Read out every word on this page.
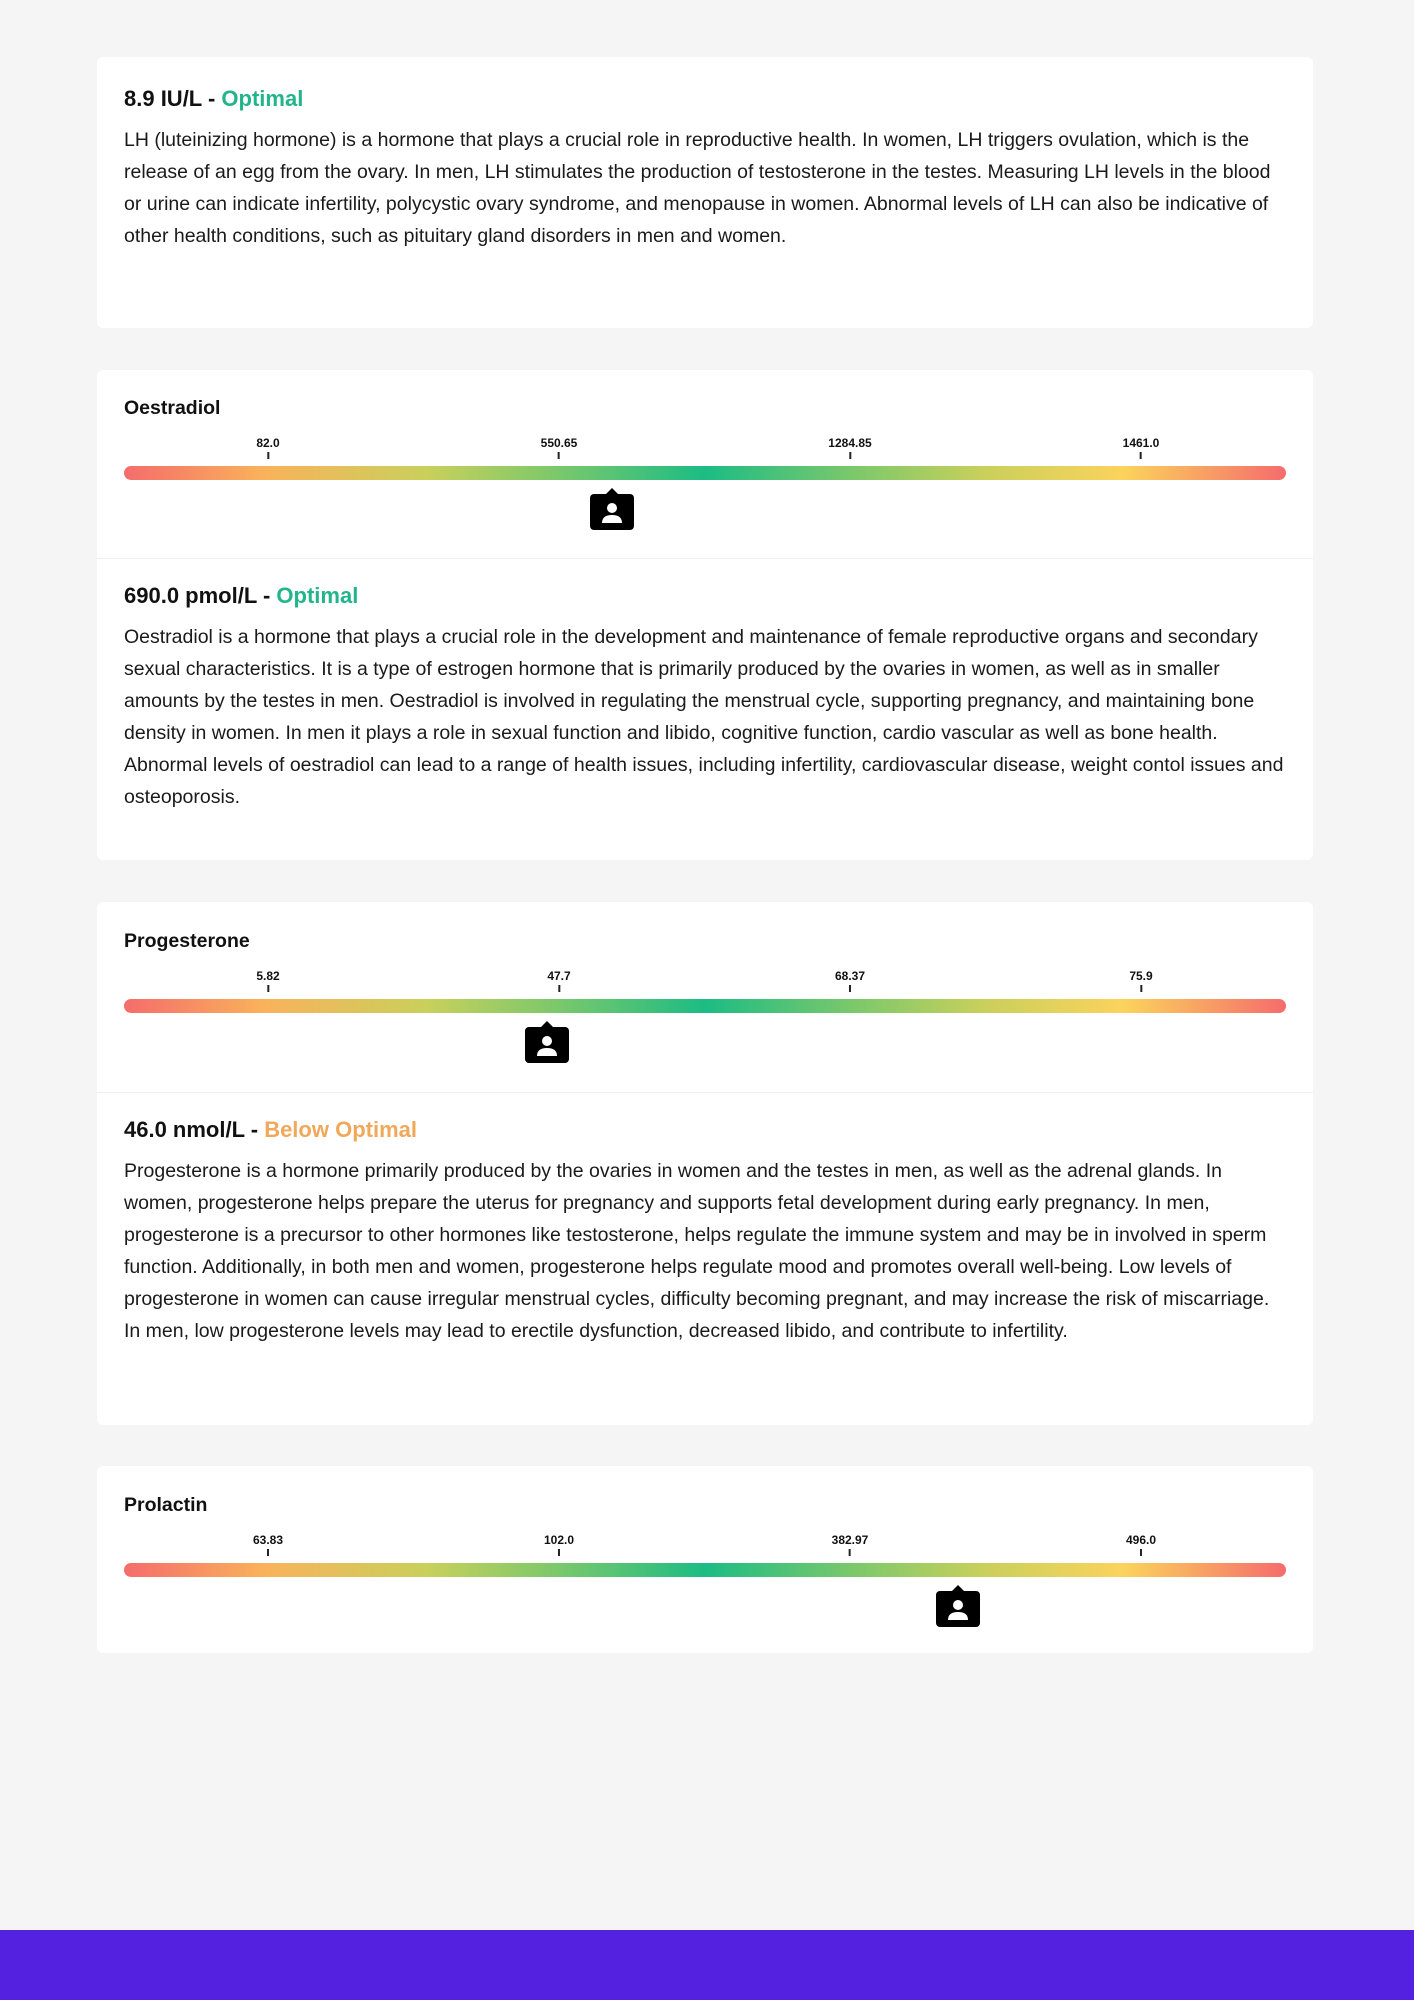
8.9 IU/L - Optimal

LH (luteinizing hormone) is a hormone that plays a crucial role in reproductive health. In women, LH triggers ovulation, which is the release of an egg from the ovary. In men, LH stimulates the production of testosterone in the testes. Measuring LH levels in the blood or urine can indicate infertility, polycystic ovary syndrome, and menopause in women. Abnormal levels of LH can also be indicative of other health conditions, such as pituitary gland disorders in men and women.

Oestradiol

82.0	550.65	1284.85	1461.0

690.0 pmol/L - Optimal

Oestradiol is a hormone that plays a crucial role in the development and maintenance of female reproductive organs and secondary sexual characteristics. It is a type of estrogen hormone that is primarily produced by the ovaries in women, as well as in smaller amounts by the testes in men. Oestradiol is involved in regulating the menstrual cycle, supporting pregnancy, and maintaining bone density in women. In men it plays a role in sexual function and libido, cognitive function, cardio vascular as well as bone health. Abnormal levels of oestradiol can lead to a range of health issues, including infertility, cardiovascular disease, weight contol issues and osteoporosis.

Progesterone

5.82	47.7	68.37	75.9

46.0 nmol/L - Below Optimal

Progesterone is a hormone primarily produced by the ovaries in women and the testes in men, as well as the adrenal glands. In women, progesterone helps prepare the uterus for pregnancy and supports fetal development during early pregnancy. In men, progesterone is a precursor to other hormones like testosterone, helps regulate the immune system and may be in involved in sperm function. Additionally, in both men and women, progesterone helps regulate mood and promotes overall well-being. Low levels of progesterone in women can cause irregular menstrual cycles, difficulty becoming pregnant, and may increase the risk of miscarriage. In men, low progesterone levels may lead to erectile dysfunction, decreased libido, and contribute to infertility.

Prolactin

63.83	102.0	382.97	496.0
